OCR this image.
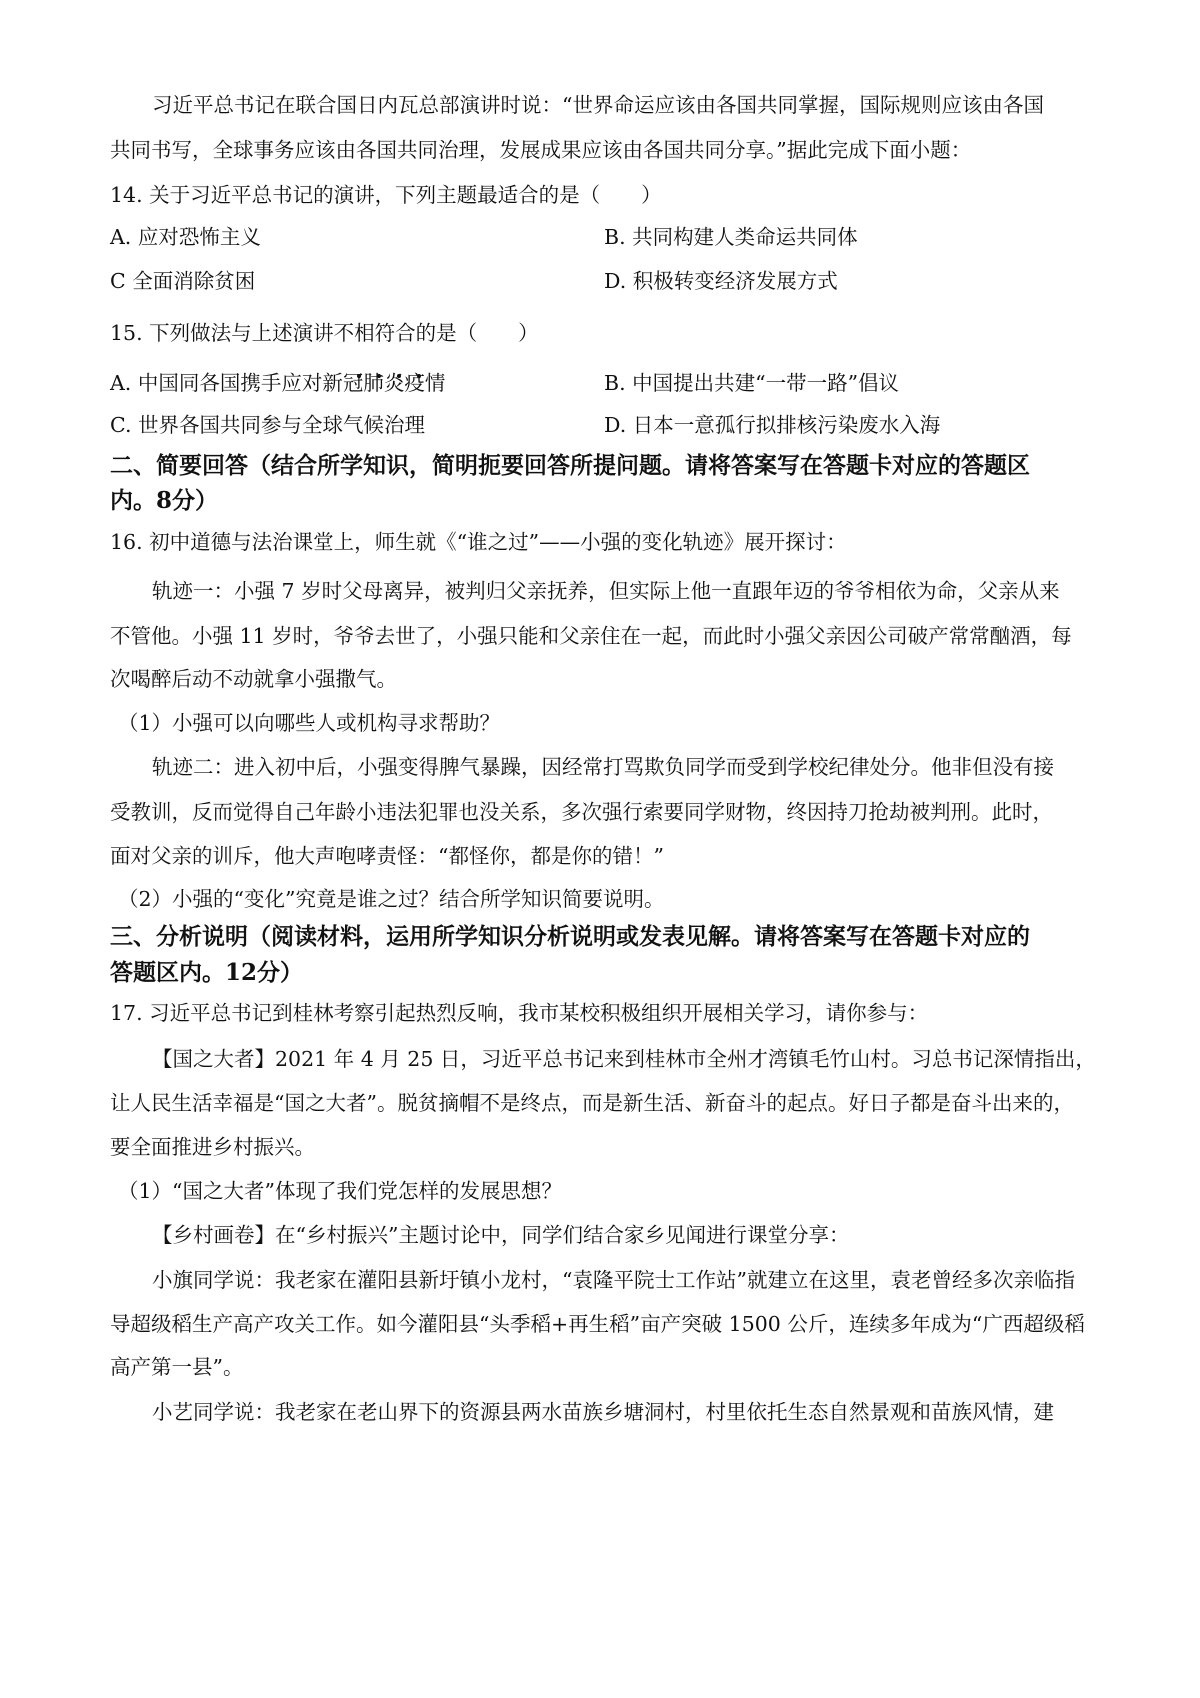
习近平总书记在联合国日内瓦总部演讲时说：“世界命运应该由各国共同掌握，国际规则应该由各国
共同书写，全球事务应该由各国共同治理，发展成果应该由各国共同分享。”据此完成下面小题：
14. 关于习近平总书记的演讲，下列主题最适合的是（　　）
A. 应对恐怖主义	B. 共同构建人类命运共同体
C 全面消除贫困	D. 积极转变经济发展方式
15. 下列做法与上述演讲不相符合的是（　　）
A. 中国同各国携手应对新冠肺炎疫情	B. 中国提出共建“一带一路”倡议
C. 世界各国共同参与全球气候治理	D. 日本一意孤行拟排核污染废水入海
二、简要回答（结合所学知识，简明扼要回答所提问题。请将答案写在答题卡对应的答题区
内。8分）
16. 初中道德与法治课堂上，师生就《“谁之过”——小强的变化轨迹》展开探讨：
轨迹一：小强 7 岁时父母离异，被判归父亲抚养，但实际上他一直跟年迈的爷爷相依为命，父亲从来
不管他。小强 11 岁时，爷爷去世了，小强只能和父亲住在一起，而此时小强父亲因公司破产常常酗酒，每
次喝醉后动不动就拿小强撒气。
（1）小强可以向哪些人或机构寻求帮助？
轨迹二：进入初中后，小强变得脾气暴躁，因经常打骂欺负同学而受到学校纪律处分。他非但没有接
受教训，反而觉得自己年龄小违法犯罪也没关系，多次强行索要同学财物，终因持刀抢劫被判刑。此时，
面对父亲的训斥，他大声咆哮责怪：“都怪你，都是你的错！”
（2）小强的“变化”究竟是谁之过？结合所学知识简要说明。
三、分析说明（阅读材料，运用所学知识分析说明或发表见解。请将答案写在答题卡对应的
答题区内。12分）
17. 习近平总书记到桂林考察引起热烈反响，我市某校积极组织开展相关学习，请你参与：
【国之大者】2021 年 4 月 25 日，习近平总书记来到桂林市全州才湾镇毛竹山村。习总书记深情指出，
让人民生活幸福是“国之大者”。脱贫摘帽不是终点，而是新生活、新奋斗的起点。好日子都是奋斗出来的，
要全面推进乡村振兴。
（1）“国之大者”体现了我们党怎样的发展思想？
【乡村画卷】在“乡村振兴”主题讨论中，同学们结合家乡见闻进行课堂分享：
小旗同学说：我老家在灌阳县新圩镇小龙村，“袁隆平院士工作站”就建立在这里，袁老曾经多次亲临指
导超级稻生产高产攻关工作。如今灌阳县“头季稻+再生稻”亩产突破 1500 公斤，连续多年成为“广西超级稻
高产第一县”。
小艺同学说：我老家在老山界下的资源县两水苗族乡塘洞村，村里依托生态自然景观和苗族风情，建
